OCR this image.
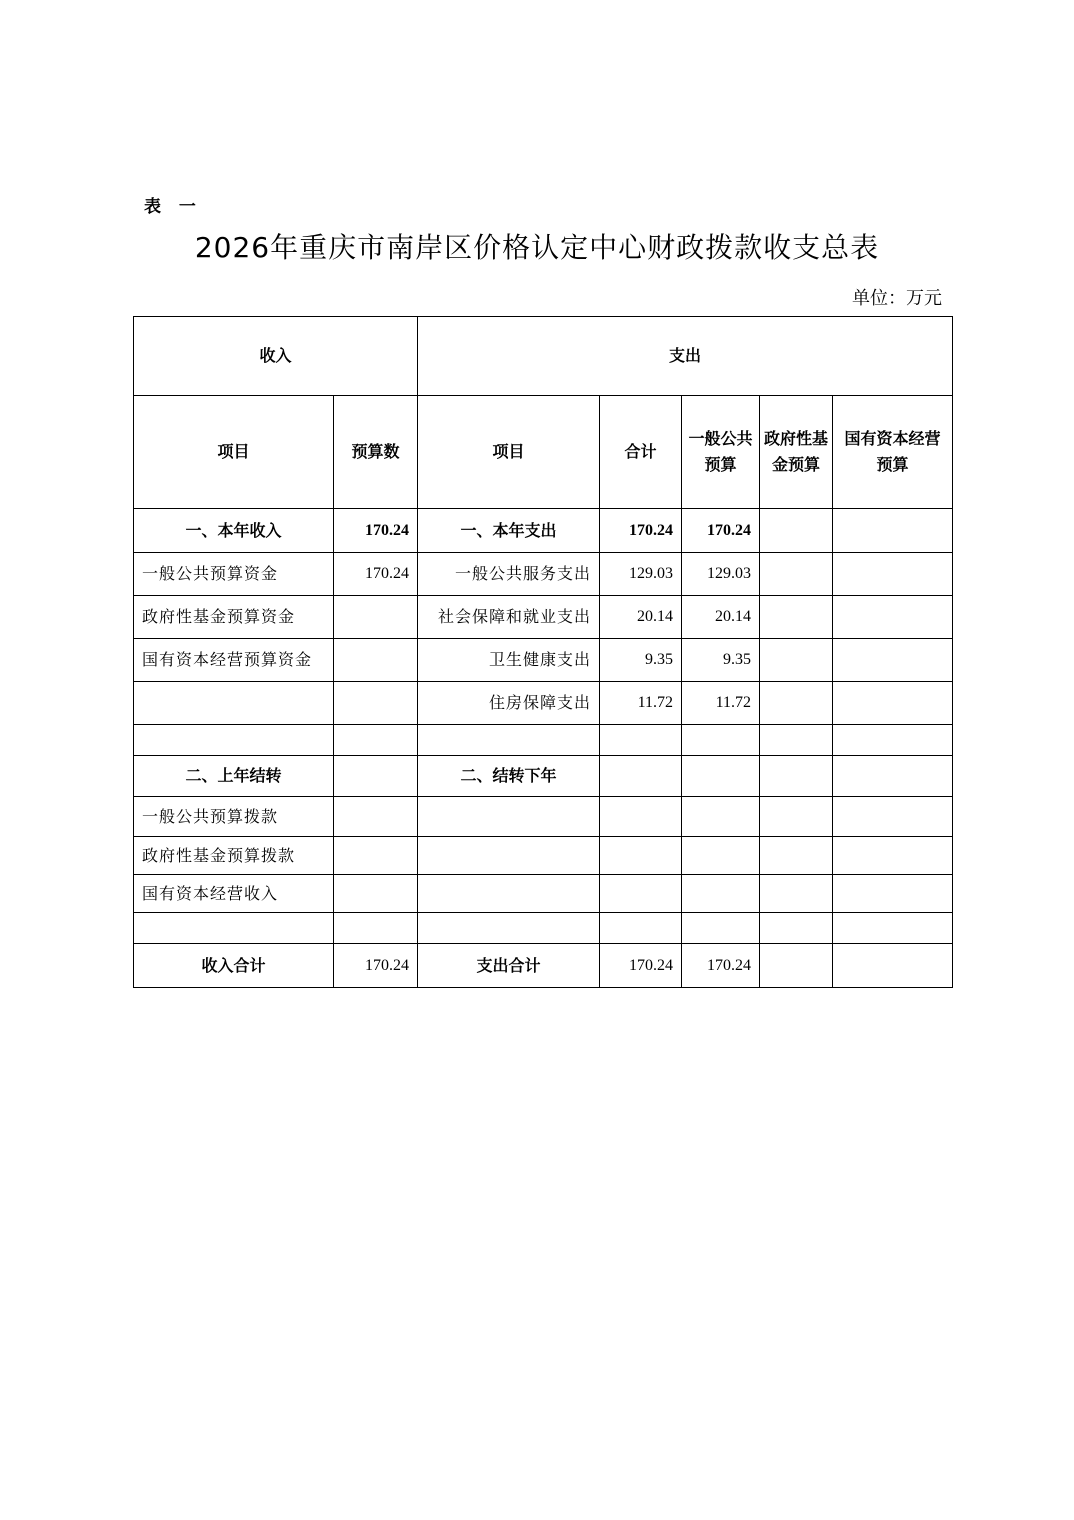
表 一
2026年重庆市南岸区价格认定中心财政拨款收支总表
单位：万元
收入		支出				
项目	预算数	项目	合计	一般公共预算	政府性基金预算	国有资本经营预算
一、本年收入	170.24	一、本年支出	170.24	170.24		
一般公共预算资金	170.24	一般公共服务支出	129.03	129.03		
政府性基金预算资金		社会保障和就业支出	20.14	20.14		
国有资本经营预算资金		卫生健康支出	9.35	9.35		
		住房保障支出	11.72	11.72		

二、上年结转		二、结转下年				
一般公共预算拨款						
政府性基金预算拨款						
国有资本经营收入						

收入合计	170.24	支出合计	170.24	170.24		
